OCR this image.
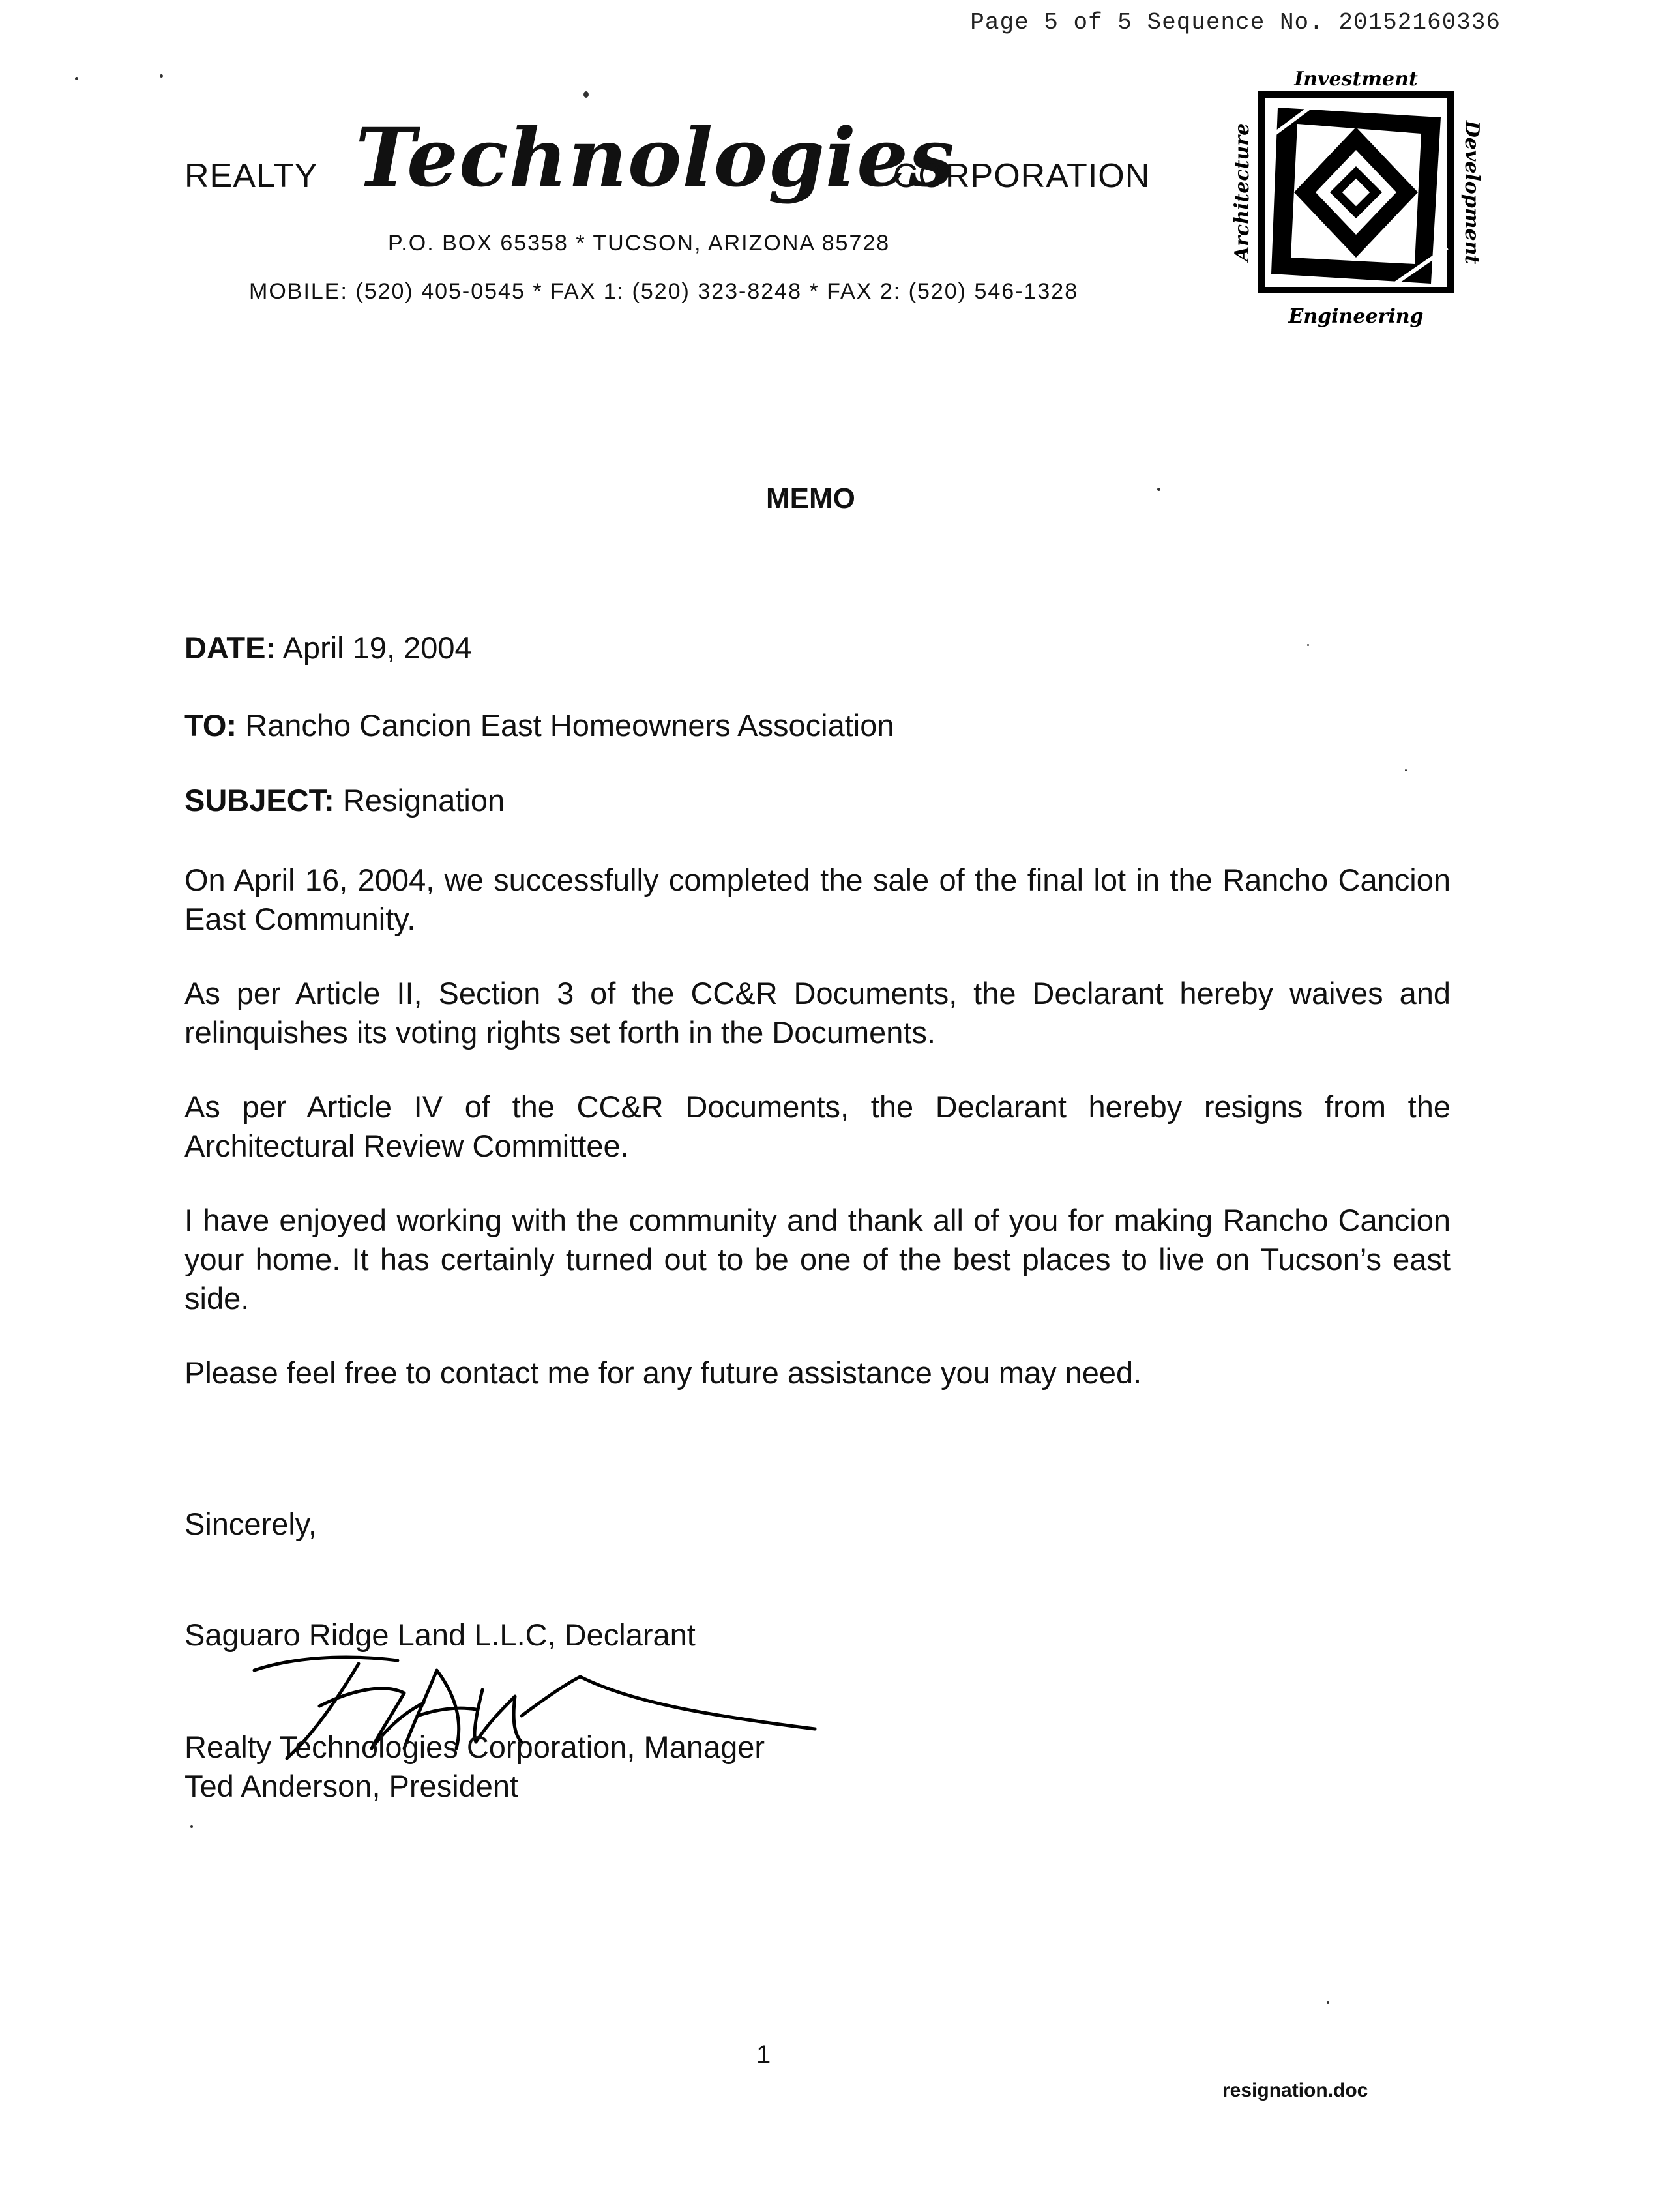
Page 5 of 5 Sequence No. 20152160336
REALTY Technologies
CORPORATION
P.O. BOX 65358 * TUCSON, ARIZONA 85728
MOBILE: (520) 405-0545 * FAX 1: (520) 323-8248 * FAX 2: (520) 546-1328
Investment
Engineering
Architecture	Development
MEMO
DATE: April 19, 2004
TO: Rancho Cancion East Homeowners Association
SUBJECT: Resignation
On April 16, 2004, we successfully completed the sale of the final lot in the Rancho Cancion East Community.
As per Article II, Section 3 of the CC&R Documents, the Declarant hereby waives and relinquishes its voting rights set forth in the Documents.
As per Article IV of the CC&R Documents, the Declarant hereby resigns from the Architectural Review Committee.
I have enjoyed working with the community and thank all of you for making Rancho Cancion your home. It has certainly turned out to be one of the best places to live on Tucson’s east side.
Please feel free to contact me for any future assistance you may need.
Sincerely,
Saguaro Ridge Land L.L.C, Declarant
Realty Technologies Corporation, Manager
Ted Anderson, President
1
resignation.doc
